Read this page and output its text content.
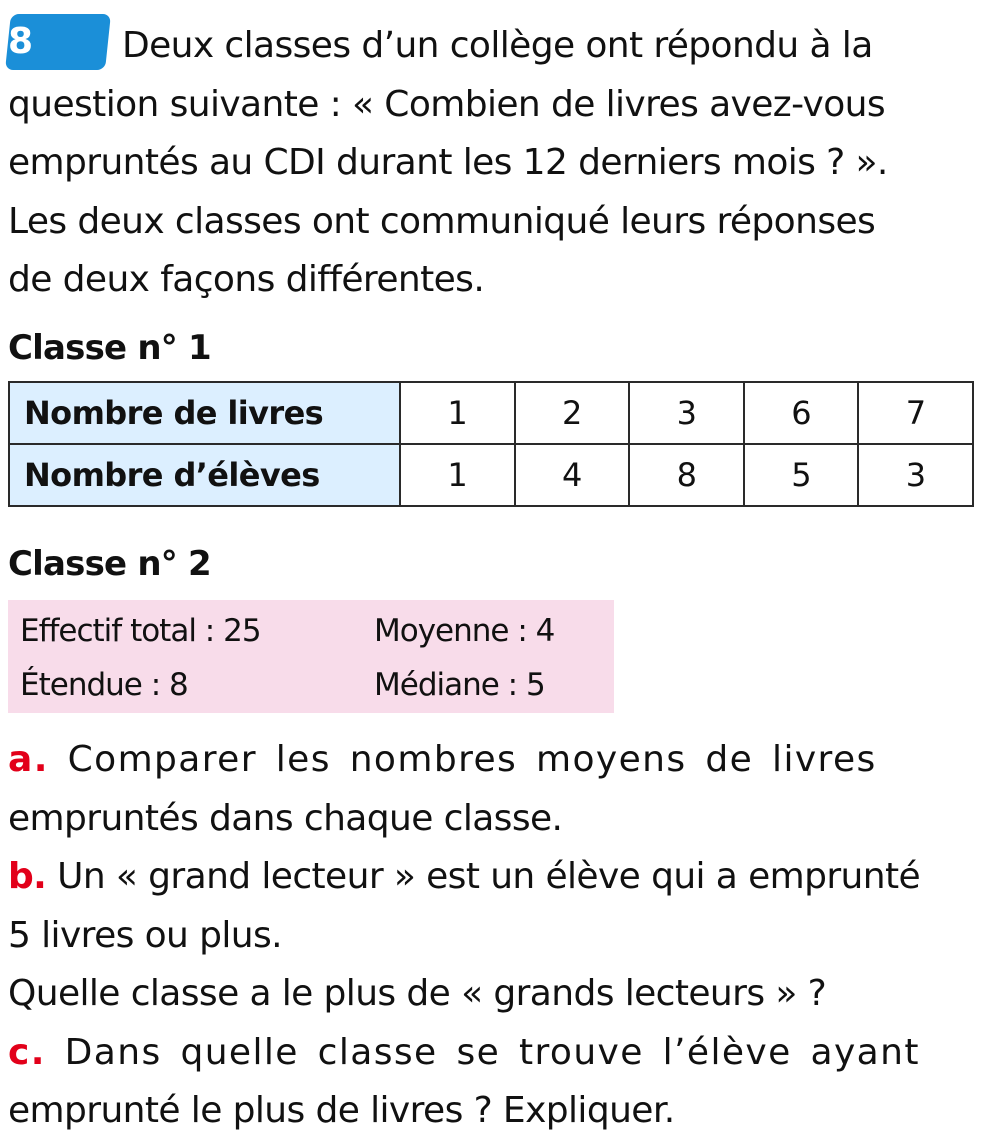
8 Deux classes d’un collège ont répondu à la

question suivante : « Combien de livres avez-vous

empruntés au CDI durant les 12 derniers mois ? ».

Les deux classes ont communiqué leurs réponses

de deux façons différentes.

Classe n° 1
Nombre de livres	1	2	3	6	7
Nombre d’élèves	1	4	8	5	3
Classe n° 2
Effectif total : 25	Moyenne : 4
Étendue : 8	Médiane : 5

a. Comparer les nombres moyens de livres

empruntés dans chaque classe.

b. Un « grand lecteur » est un élève qui a emprunté

5 livres ou plus.

Quelle classe a le plus de « grands lecteurs » ?

c. Dans quelle classe se trouve l’élève ayant

emprunté le plus de livres ? Expliquer.
